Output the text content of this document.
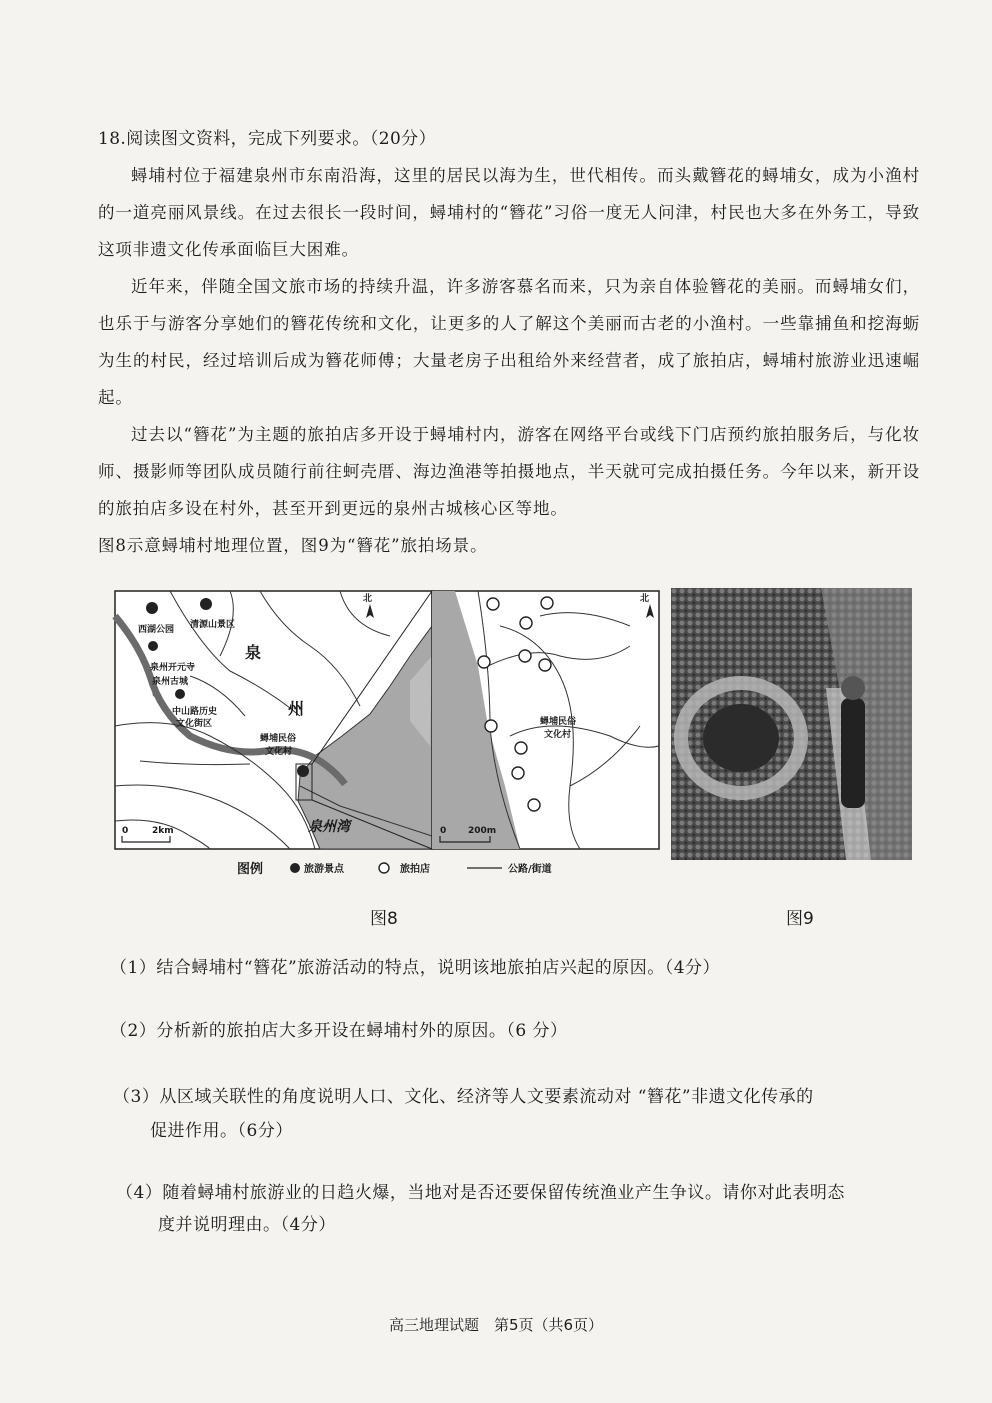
18.阅读图文资料，完成下列要求。（20分）

蟳埔村位于福建泉州市东南沿海，这里的居民以海为生，世代相传。而头戴簪花的蟳埔女，成为小渔村的一道亮丽风景线。在过去很长一段时间，蟳埔村的“簪花”习俗一度无人问津，村民也大多在外务工，导致这项非遗文化传承面临巨大困难。

近年来，伴随全国文旅市场的持续升温，许多游客慕名而来，只为亲自体验簪花的美丽。而蟳埔女们，也乐于与游客分享她们的簪花传统和文化，让更多的人了解这个美丽而古老的小渔村。一些靠捕鱼和挖海蛎为生的村民，经过培训后成为簪花师傅；大量老房子出租给外来经营者，成了旅拍店，蟳埔村旅游业迅速崛起。

过去以“簪花”为主题的旅拍店多开设于蟳埔村内，游客在网络平台或线下门店预约旅拍服务后，与化妆师、摄影师等团队成员随行前往蚵壳厝、海边渔港等拍摄地点，半天就可完成拍摄任务。今年以来，新开设的旅拍店多设在村外，甚至开到更远的泉州古城核心区等地。

图8示意蟳埔村地理位置，图9为“簪花”旅拍场景。

西湖公园 清源山景区
泉州开元寺
泉州古城
中山路历史
文化街区
泉
州
蟳埔民俗
文化村
泉州湾
北
0	2km
蟳埔民俗
文化村
北
0 200m
图例	旅游景点	旅拍店	公路/街道
图8	图9
（1）结合蟳埔村“簪花”旅游活动的特点，说明该地旅拍店兴起的原因。（4分）
（2）分析新的旅拍店大多开设在蟳埔村外的原因。（6 分）
（3）从区域关联性的角度说明人口、文化、经济等人文要素流动对 “簪花”非遗文化传承的
促进作用。（6分）
（4）随着蟳埔村旅游业的日趋火爆，当地对是否还要保留传统渔业产生争议。请你对此表明态
度并说明理由。（4分）
高三地理试题　第5页（共6页）
